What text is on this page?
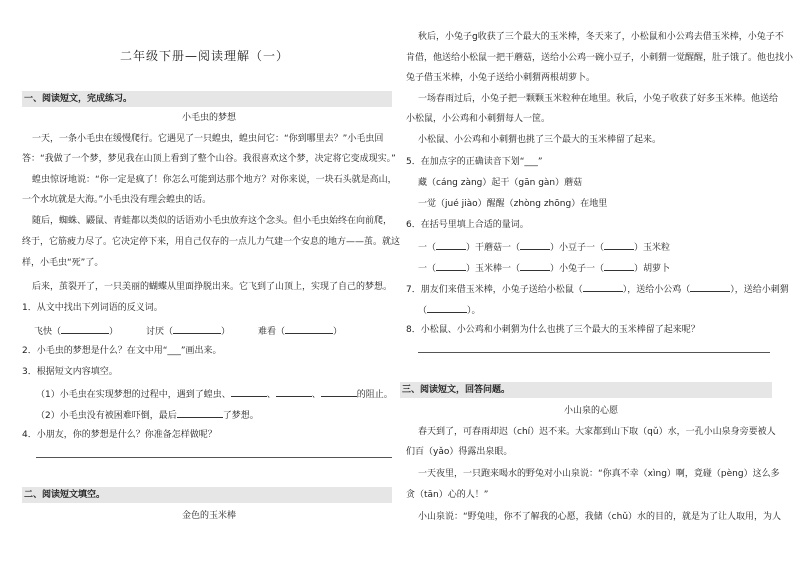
二年级下册—阅读理解（一）
一、阅读短文，完成练习。
小毛虫的梦想
一天，一条小毛虫在缓慢爬行。它遇见了一只蝗虫，蝗虫问它：“你到哪里去？”小毛虫回
答：“我做了一个梦，梦见我在山顶上看到了整个山谷。我很喜欢这个梦，决定将它变成现实。”
蝗虫惊讶地说：“你一定是疯了！你怎么可能到达那个地方？对你来说，一块石头就是高山，
一个水坑就是大海。”小毛虫没有理会蝗虫的话。
随后，蜘蛛、鼹鼠、青蛙都以类似的话语劝小毛虫放弃这个念头。但小毛虫始终在向前爬，
终于，它筋疲力尽了。它决定停下来，用自己仅存的一点儿力气建一个安息的地方——茧。就这
样，小毛虫“死”了。
后来，茧裂开了，一只美丽的蝴蝶从里面挣脱出来。它飞到了山顶上，实现了自己的梦想。
1．从文中找出下列词语的反义词。
飞快（	）	讨厌（	）	难看（	）
2．小毛虫的梦想是什么？在文中用“___”画出来。
3．根据短文内容填空。
（1）小毛虫在实现梦想的过程中，遇到了蝗虫、	、	、	的阻止。
（2）小毛虫没有被困难吓倒，最后	了梦想。
4．小朋友，你的梦想是什么？你准备怎样做呢？
二、阅读短文填空。
金色的玉米棒
秋后，小兔子ց收获了三个最大的玉米棒，冬天来了，小松鼠和小公鸡去借玉米棒，小兔子不
肯借，他送给小松鼠一把干蘑菇，送给小公鸡一碗小豆子，小刺猬一觉醒醒，肚子饿了。他也找小
兔子借玉米棒，小兔子送给小刺猬两根胡萝卜。
一场春雨过后，小兔子把一颗颗玉米粒种在地里。秋后，小兔子收获了好多玉米棒。他送给
小松鼠，小公鸡和小刺猬每人一筐。
小松鼠、小公鸡和小刺猬也挑了三个最大的玉米棒留了起来。
5．在加点字的正确读音下划“___”
藏（cáng zàng）起干（gān gàn）蘑菇
一觉（jué jiào）醒醒（zhòng zhōng）在地里
6．在括号里填上合适的量词。
一（	）干蘑菇一（	）小豆子一（	）玉米粒
一（	）玉米棒一（	）小兔子一（	）胡萝卜
7．朋友们来借玉米棒，小兔子送给小松鼠（	），送给小公鸡（	），送给小刺猬
（	）。
8．小松鼠、小公鸡和小刺猬为什么也挑了三个最大的玉米棒留了起来呢？
三、阅读短文，回答问题。
小山泉的心愿
春天到了，可春雨却迟（chí）迟不来。大家都到山下取（qǔ）水，一孔小山泉身旁要被人
们百（yǎo）得露出泉眼。
一天夜里，一只跑来喝水的野兔对小山泉说：“你真不幸（xìng）啊，竟碰（pèng）这么多
贪（tān）心的人！”
小山泉说：“野兔哇，你不了解我的心愿，我储（chǔ）水的目的，就是为了让人取用，为人
